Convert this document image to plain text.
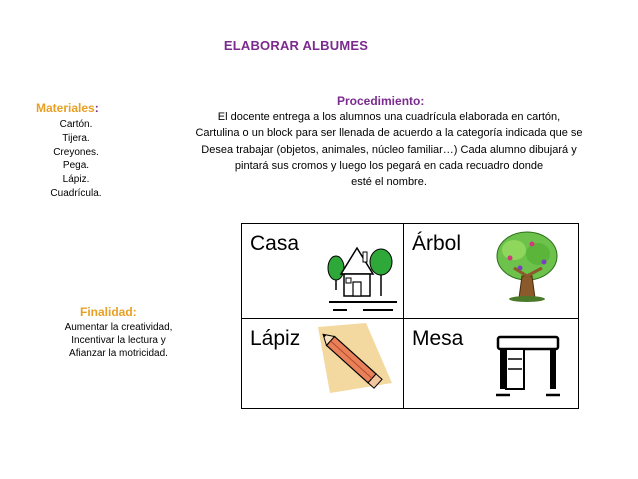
ELABORAR ALBUMES
Materiales:
Cartón.
Tijera.
Creyones.
Pega.
Lápiz.
Cuadrícula.
Procedimiento:
El docente entrega a los alumnos una cuadrícula elaborada en cartón,
Cartulina o un block para ser llenada de acuerdo a la categoría indicada que se
Desea trabajar (objetos, animales, núcleo familiar…) Cada alumno dibujará y
pintará sus cromos y luego los pegará en cada recuadro donde
esté el nombre.
Finalidad:
Aumentar la creatividad,
Incentivar la lectura y
Afianzar la motricidad.
Casa	Árbol
Lápiz	Mesa
